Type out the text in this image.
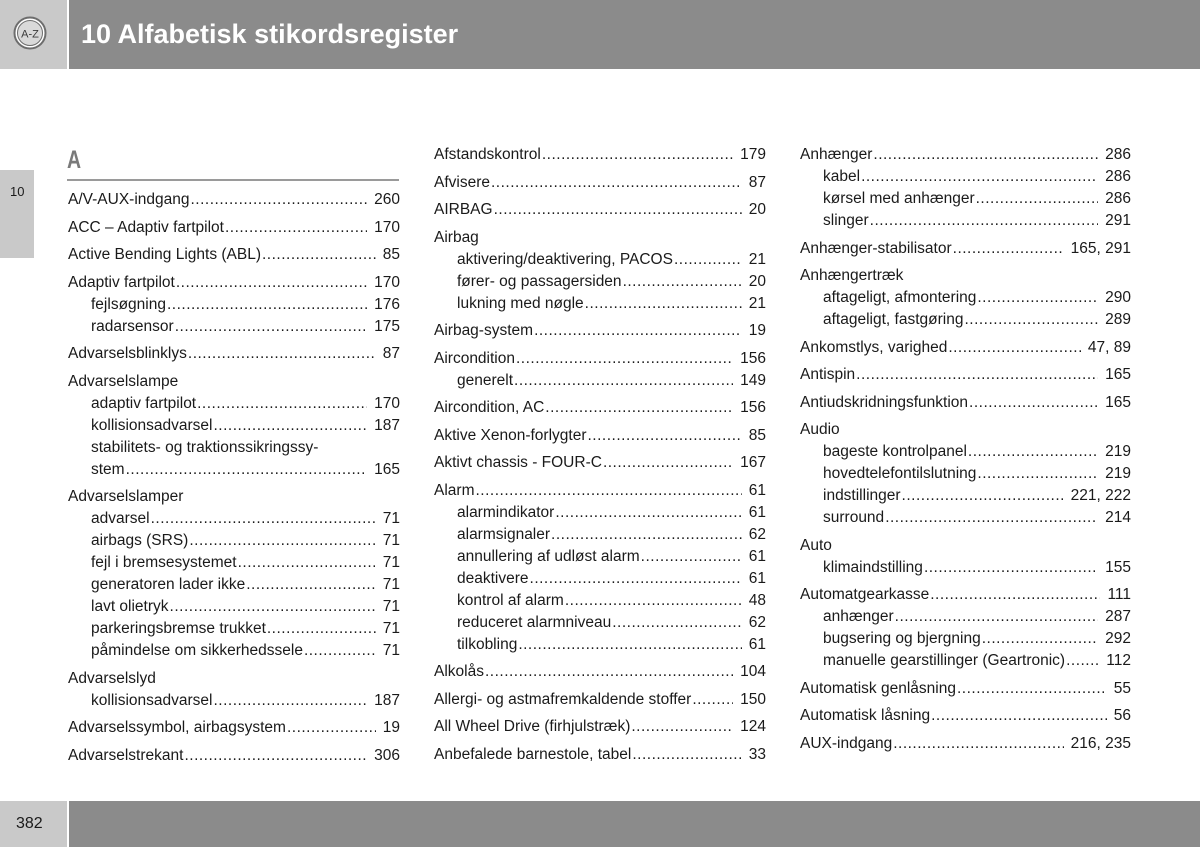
A-Z 10 Alfabetisk stikordsregister
10
A
A/V-AUX-indgang .....	260
ACC – Adaptiv fartpilot .....	170
Active Bending Lights (ABL) .....	85
Adaptiv fartpilot .....	170
fejlsøgning .....	176
radarsensor .....	175
Advarselsblinklys .....	87
Advarselslampe
adaptiv fartpilot .....	170
kollisionsadvarsel .....	187
stabilitets- og traktionssikringssy-
stem .....	165
Advarselslamper
advarsel .....	71
airbags (SRS) .....	71
fejl i bremsesystemet .....	71
generatoren lader ikke .....	71
lavt olietryk .....	71
parkeringsbremse trukket .....	71
påmindelse om sikkerhedssele .....	71
Advarselslyd
kollisionsadvarsel .....	187
Advarselssymbol, airbagsystem .....	19
Advarselstrekant .....	306
Afstandskontrol .....	179
Afvisere .....	87
AIRBAG .....	20
Airbag
aktivering/deaktivering, PACOS .....	21
fører- og passagersiden .....	20
lukning med nøgle .....	21
Airbag-system .....	19
Aircondition .....	156
generelt .....	149
Aircondition, AC .....	156
Aktive Xenon-forlygter .....	85
Aktivt chassis - FOUR-C .....	167
Alarm .....	61
alarmindikator .....	61
alarmsignaler .....	62
annullering af udløst alarm .....	61
deaktivere .....	61
kontrol af alarm .....	48
reduceret alarmniveau .....	62
tilkobling .....	61
Alkolås .....	104
Allergi- og astmafremkaldende stoffer .....	150
All Wheel Drive (firhjulstræk) .....	124
Anbefalede barnestole, tabel .....	33
Anhænger .....	286
kabel .....	286
kørsel med anhænger .....	286
slinger .....	291
Anhænger-stabilisator .....	165, 291
Anhængertræk
aftageligt, afmontering .....	290
aftageligt, fastgøring .....	289
Ankomstlys, varighed .....	47, 89
Antispin .....	165
Antiudskridningsfunktion .....	165
Audio
bageste kontrolpanel .....	219
hovedtelefontilslutning .....	219
indstillinger .....	221, 222
surround .....	214
Auto
klimaindstilling .....	155
Automatgearkasse .....	111
anhænger .....	287
bugsering og bjergning .....	292
manuelle gearstillinger (Geartronic) .....	112
Automatisk genlåsning .....	55
Automatisk låsning .....	56
AUX-indgang .....	216, 235
382
